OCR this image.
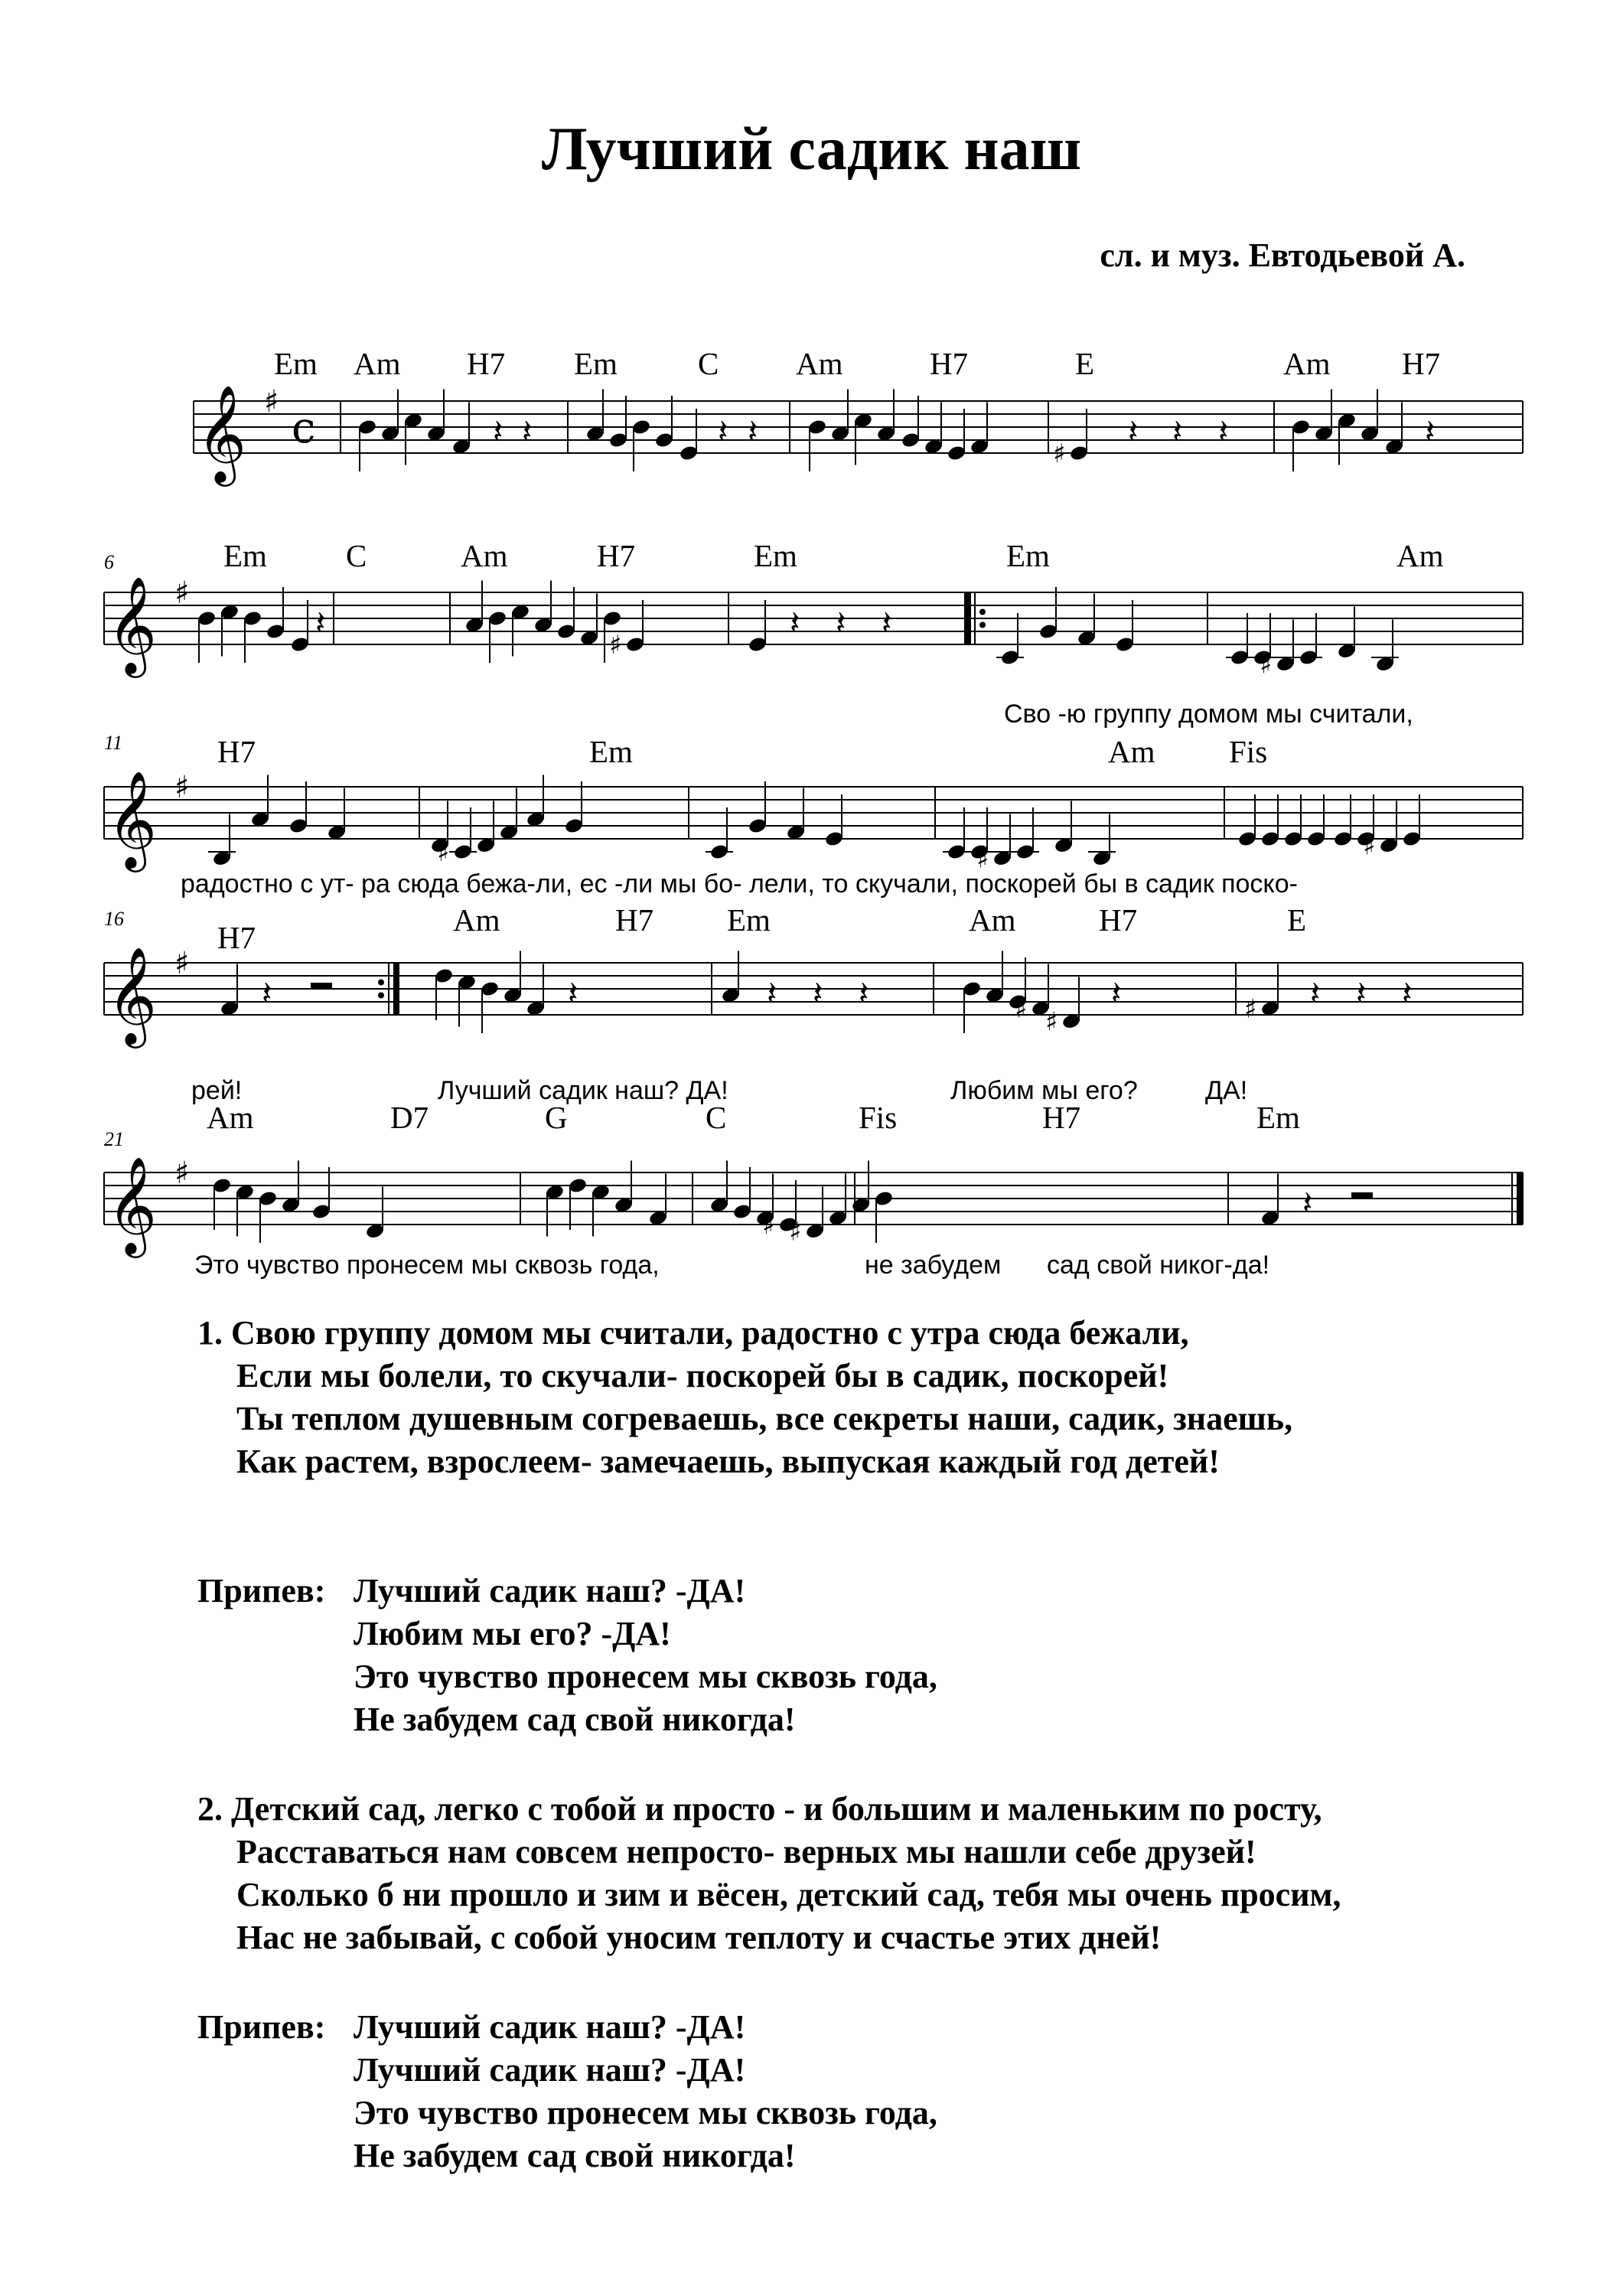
Лучший садик наш
сл. и муз. Евтодьевой А.
𝄞 ♯
c	𝄽 𝄽	𝄽 𝄽
♯
𝄽 𝄽 𝄽	𝄽
𝄞 ♯
𝄽
♯
𝄽 𝄽 𝄽
♯
𝄞 ♯
♯	♯	♯
𝄞 ♯
𝄽	𝄽	𝄽 𝄽 𝄽	♯ ♯
𝄽	♯ 𝄽 𝄽 𝄽
𝄞 ♯
♯ ♯
𝄽
Em Am H7 Em	C Am	H7	E	Am H7
6	Em	C	Am	H7	Em	Em	Am
Сво -ю группу домом мы считали,
11	H7	Em	Am Fis
радостно с ут- ра сюда бежа-ли, ес -ли мы бо- лели, то скучали, поскорей бы в садик поско-
16
H7	Am	H7 Em	Am	H7	E
рей!	Лучший садик наш? ДА!	Любим мы его?	ДА!
21
Am	D7	G	C	Fis	H7	Em
Это чувство пронесем мы сквозь года,	не забудем сад свой никог-да!
1. Свою группу домом мы считали, радостно с утра сюда бежали,
Если мы болели, то скучали- поскорей бы в садик, поскорей!
Ты теплом душевным согреваешь, все секреты наши, садик, знаешь,
Как растем, взрослеем- замечаешь, выпуская каждый год детей!
Припев: Лучший садик наш? -ДА!
Любим мы его? -ДА!
Это чувство пронесем мы сквозь года,
Не забудем сад свой никогда!
2. Детский сад, легко с тобой и просто - и большим и маленьким по росту,
Расставаться нам совсем непросто- верных мы нашли себе друзей!
Сколько б ни прошло и зим и вёсен, детский сад, тебя мы очень просим,
Нас не забывай, с собой уносим теплоту и счастье этих дней!
Припев: Лучший садик наш? -ДА!
Лучший садик наш? -ДА!
Это чувство пронесем мы сквозь года,
Не забудем сад свой никогда!
